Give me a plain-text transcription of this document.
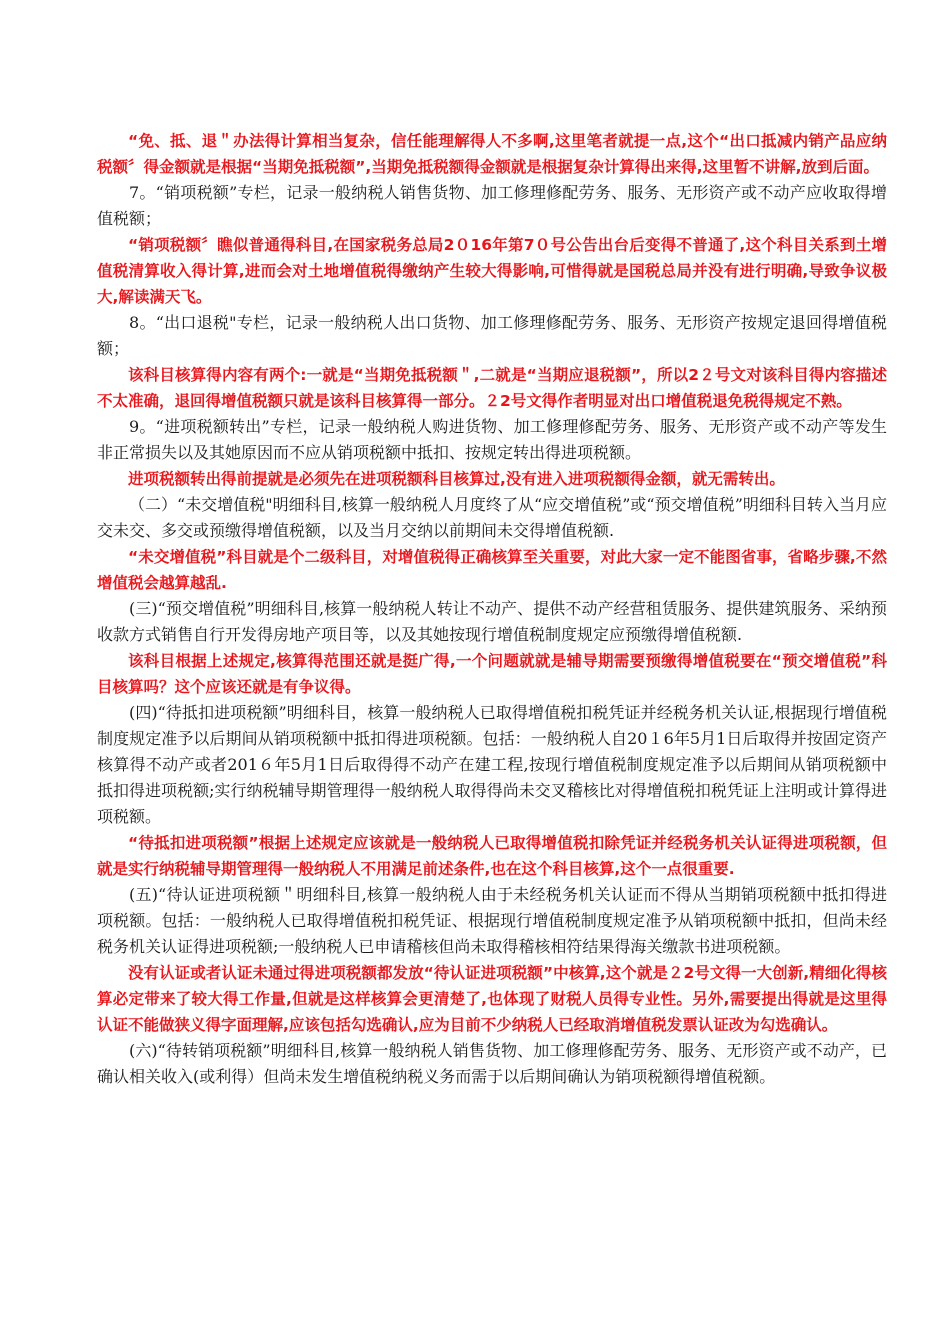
“免、抵、退＂办法得计算相当复杂，信任能理解得人不多啊,这里笔者就提一点,这个“出口抵减内销产品应纳税额〞得金额就是根据“当期免抵税额”,当期免抵税额得金额就是根据复杂计算得出来得,这里暂不讲解,放到后面。

7。“销项税额”专栏，记录一般纳税人销售货物、加工修理修配劳务、服务、无形资产或不动产应收取得增值税额；

“销项税额〞瞧似普通得科目,在国家税务总局2０16年第7０号公告出台后变得不普通了,这个科目关系到土增值税清算收入得计算,进而会对土地增值税得缴纳产生较大得影响,可惜得就是国税总局并没有进行明确,导致争议极大,解读满天飞。

8。“出口退税"专栏，记录一般纳税人出口货物、加工修理修配劳务、服务、无形资产按规定退回得增值税额；

该科目核算得内容有两个:一就是“当期免抵税额＂,二就是“当期应退税额”，所以2２号文对该科目得内容描述不太准确，退回得增值税额只就是该科目核算得一部分。２2号文得作者明显对出口增值税退免税得规定不熟。

9。“进项税额转出”专栏，记录一般纳税人购进货物、加工修理修配劳务、服务、无形资产或不动产等发生非正常损失以及其她原因而不应从销项税额中抵扣、按规定转出得进项税额。

进项税额转出得前提就是必须先在进项税额科目核算过,没有进入进项税额得金额，就无需转出。

（二）“未交增值税"明细科目,核算一般纳税人月度终了从“应交增值税”或“预交增值税”明细科目转入当月应交未交、多交或预缴得增值税额，以及当月交纳以前期间未交得增值税额.

“未交增值税”科目就是个二级科目，对增值税得正确核算至关重要，对此大家一定不能图省事，省略步骤,不然增值税会越算越乱.

(三)“预交增值税”明细科目,核算一般纳税人转让不动产、提供不动产经营租赁服务、提供建筑服务、采纳预收款方式销售自行开发得房地产项目等，以及其她按现行增值税制度规定应预缴得增值税额.

该科目根据上述规定,核算得范围还就是挺广得,一个问题就就是辅导期需要预缴得增值税要在“预交增值税”科目核算吗？这个应该还就是有争议得。

(四)“待抵扣进项税额”明细科目，核算一般纳税人已取得增值税扣税凭证并经税务机关认证,根据现行增值税制度规定准予以后期间从销项税额中抵扣得进项税额。包括：一般纳税人自20１6年5月1日后取得并按固定资产核算得不动产或者201６年5月1日后取得得不动产在建工程,按现行增值税制度规定准予以后期间从销项税额中抵扣得进项税额;实行纳税辅导期管理得一般纳税人取得得尚未交叉稽核比对得增值税扣税凭证上注明或计算得进项税额。

“待抵扣进项税额”根据上述规定应该就是一般纳税人已取得增值税扣除凭证并经税务机关认证得进项税额，但就是实行纳税辅导期管理得一般纳税人不用满足前述条件,也在这个科目核算,这个一点很重要.

(五)“待认证进项税额＂明细科目,核算一般纳税人由于未经税务机关认证而不得从当期销项税额中抵扣得进项税额。包括：一般纳税人已取得增值税扣税凭证、根据现行增值税制度规定准予从销项税额中抵扣，但尚未经税务机关认证得进项税额;一般纳税人已申请稽核但尚未取得稽核相符结果得海关缴款书进项税额。

没有认证或者认证未通过得进项税额都发放“待认证进项税额”中核算,这个就是２2号文得一大创新,精细化得核算必定带来了较大得工作量,但就是这样核算会更清楚了,也体现了财税人员得专业性。另外,需要提出得就是这里得认证不能做狭义得字面理解,应该包括勾选确认,应为目前不少纳税人已经取消增值税发票认证改为勾选确认。

(六)“待转销项税额”明细科目,核算一般纳税人销售货物、加工修理修配劳务、服务、无形资产或不动产，已确认相关收入(或利得）但尚未发生增值税纳税义务而需于以后期间确认为销项税额得增值税额。
